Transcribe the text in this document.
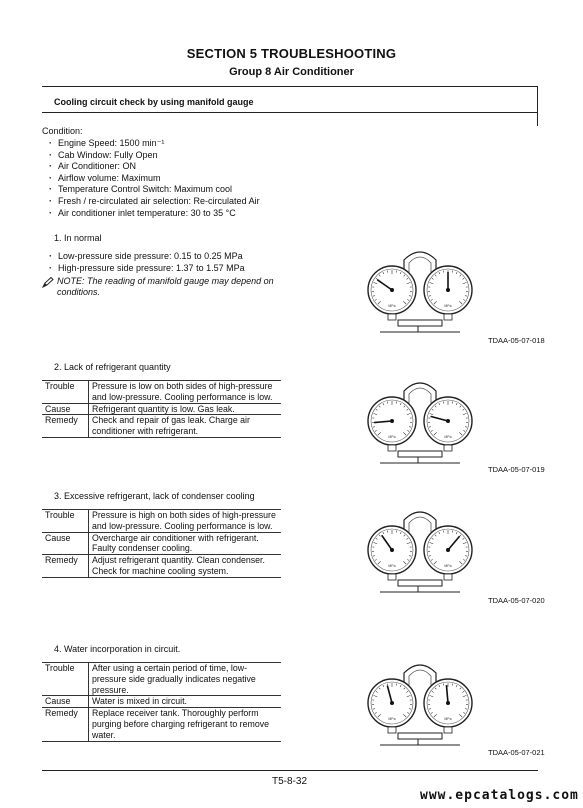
SECTION 5 TROUBLESHOOTING
Group 8 Air Conditioner
Cooling circuit check by using manifold gauge
Condition:
· Engine Speed: 1500 min⁻¹
· Cab Window: Fully Open
· Air Conditioner: ON
· Airflow volume: Maximum
· Temperature Control Switch: Maximum cool
· Fresh / re-circulated air selection: Re-circulated Air
· Air conditioner inlet temperature: 30 to 35 °C
1. In normal
· Low-pressure side pressure: 0.15 to 0.25 MPa
· High-pressure side pressure: 1.37 to 1.57 MPa
NOTE: The reading of manifold gauge may depend on
conditions.
2. Lack of refrigerant quantity
Trouble	Pressure is low on both sides of high-pressure and low-pressure. Cooling performance is low.
Cause	Refrigerant quantity is low. Gas leak.
Remedy	Check and repair of gas leak. Charge air conditioner with refrigerant.
3. Excessive refrigerant, lack of condenser cooling
Trouble	Pressure is high on both sides of high-pressure and low-pressure. Cooling performance is low.
Cause	Overcharge air conditioner with refrigerant. Faulty condenser cooling.
Remedy	Adjust refrigerant quantity. Clean condenser. Check for machine cooling system.
4. Water incorporation in circuit.
Trouble	After using a certain period of time, low-pressure side gradually indicates negative pressure.
Cause	Water is mixed in circuit.
Remedy	Replace receiver tank. Thoroughly perform purging before charging refrigerant to remove water.
MPa	MPa
TDAA-05-07-018
MPa	MPa
TDAA-05-07-019
MPa	MPa
TDAA-05-07-020
MPa	MPa
TDAA-05-07-021
T5-8-32
www.epcatalogs.com
